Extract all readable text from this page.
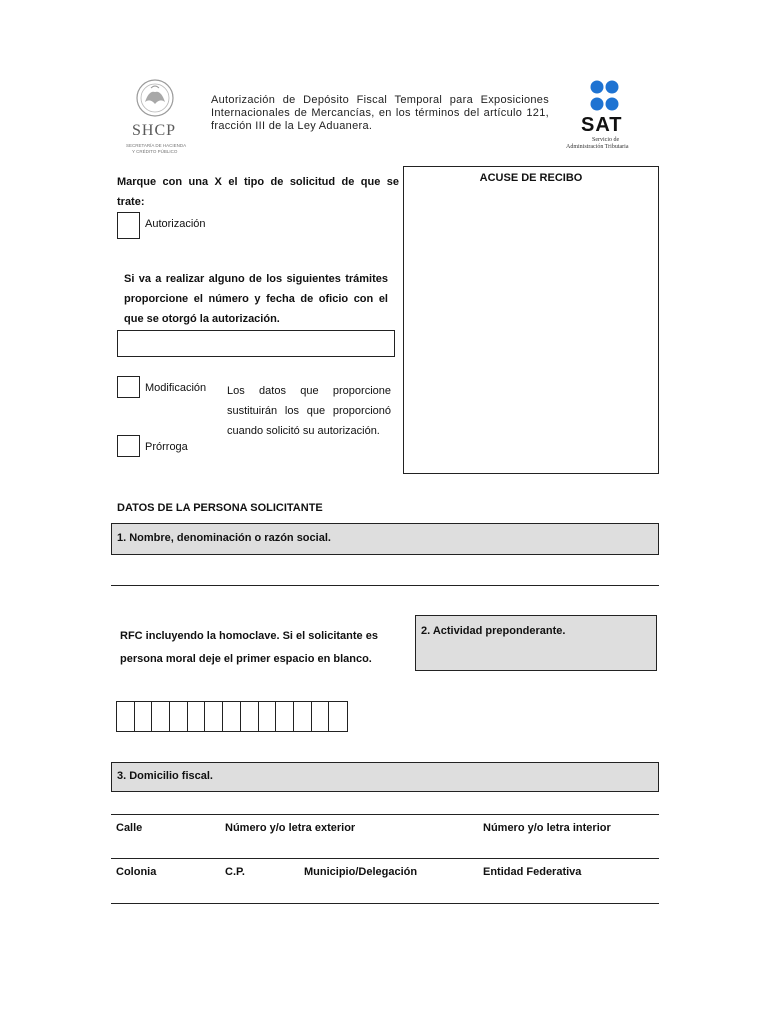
SHCP
SECRETARÍA DE HACIENDA
Y CRÉDITO PÚBLICO
Autorización de Depósito Fiscal Temporal para Exposiciones
Internacionales de Mercancías, en los términos del artículo 121,
fracción III de la Ley Aduanera.	SAT
Servicio de
Administración Tributaria
Marque con una X el tipo de solicitud de que se
trate:
Autorización
Si va a realizar alguno de los siguientes trámites
proporcione el número y fecha de oficio con el
que se otorgó la autorización.
Modificación Los datos que proporcione
sustituirán los que proporcionó
cuando solicitó su autorización.
Prórroga
ACUSE DE RECIBO
DATOS DE LA PERSONA SOLICITANTE
1. Nombre, denominación o razón social.
RFC incluyendo la homoclave. Si el solicitante es
persona moral deje el primer espacio en blanco.
2. Actividad preponderante.
3. Domicilio fiscal.
Calle	Número y/o letra exterior	Número y/o letra interior
Colonia	C.P.	Municipio/Delegación	Entidad Federativa
